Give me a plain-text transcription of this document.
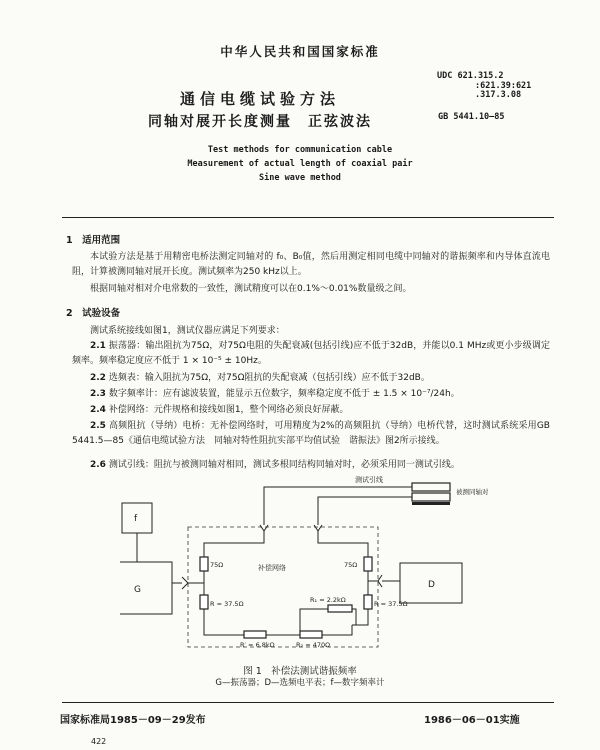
中华人民共和国国家标准
通信电缆试验方法
同轴对展开长度测量　正弦波法
UDC 621.315.2
:621.39:621
.317.3.08
GB 5441.10—85
Test methods for communication cable
Measurement of actual length of coaxial pair
Sine wave method
1　适用范围
本试验方法是基于用精密电桥法测定同轴对的 f₀、B₀值，然后用测定相同电缆中同轴对的谐振频率和内导体直流电阻，计算被测同轴对展开长度。测试频率为250 kHz以上。
根据同轴对相对介电常数的一致性，测试精度可以在0.1%～0.01%数量级之间。
2　试验设备
测试系统接线如图1，测试仪器应满足下列要求：
2.1 振荡器：输出阻抗为75Ω，对75Ω电阻的失配衰减(包括引线)应不低于32dB，并能以0.1 MHz或更小步级调定频率。频率稳定度应不低于 1 × 10⁻⁵ ± 10Hz。
2.2 选频表：输入阻抗为75Ω，对75Ω阻抗的失配衰减（包括引线）应不低于32dB。
2.3 数字频率计：应有滤波装置，能显示五位数字，频率稳定度不低于 ± 1.5 × 10⁻⁷/24h。
2.4 补偿网络：元件规格和接线如图1，整个网络必须良好屏蔽。
2.5 高频阻抗（导纳）电桥：无补偿网络时，可用精度为2%的高频阻抗（导纳）电桥代替，这时测试系统采用GB 5441.5—85《通信电缆试验方法　同轴对特性阻抗实部平均值试验　谐振法》图2所示接线。
2.6 测试引线：阻抗与被测同轴对相同，测试多根同结构同轴对时，必须采用同一测试引线。
测试引线
被测同轴对
f
G	D
补偿网络
75Ω
R = 37.5Ω
75Ω
R = 37.5Ω
R₁ = 2.2kΩ
R′ = 6.8kΩ	R₂ = 470Ω
图 1　补偿法测试谐振频率
G—振荡器；D—选频电平表；f—数字频率计
国家标准局1985－09－29发布	1986－06－01实施
422
